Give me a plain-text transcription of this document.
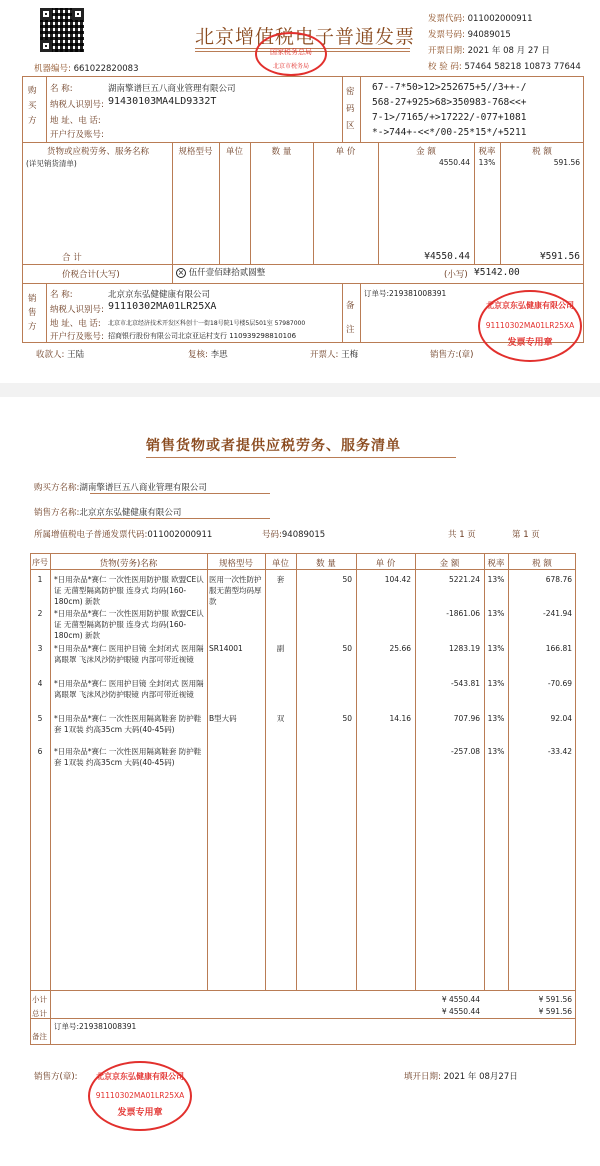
北京增值税电子普通发票
国家税务总局
北京市税务局
发票代码: 011002000911
发票号码: 94089015
开票日期: 2021 年 08 月 27 日
校 验 码: 57464 58218 10873 77644
机器编号: 661022820083
购买方
名 称:	湖南擎谱巨五八商业管理有限公司
纳税人识别号: 91430103MA4LD9332T
地 址、电 话:
开户行及账号:
密码区
67--7*50>12>252675+5//3++-/
568-27+925>68>350983-768<<+
7-1>/7165/+>17222/-077+1081
*->744+-<<*/00-25*15*/+5211
货物或应税劳务、服务名称	规格型号	单位	数 量	单 价	金 额	税率	税 额
(详见销货清单)	4550.44	13%	591.56
合 计	¥4550.44	¥591.56
价税合计(大写)	× 伍仟壹佰肆拾贰圆整	(小写) ¥5142.00
销售方
名 称:	北京京东弘健健康有限公司
纳税人识别号: 91110302MA01LR25XA
地 址、电 话: 北京市北京经济技术开发区科创十一街18号院1号楼5层501室 57987000
开户行及账号: 招商银行股份有限公司北京亚运村支行 110939298810106
备注
订单号:219381008391
收款人: 王陆	复核: 李思	开票人: 王梅	销售方:(章)
北京京东弘健康有限公司
91110302MA01LR25XA
发票专用章
销售货物或者提供应税劳务、服务清单
购买方名称:湖南擎谱巨五八商业管理有限公司
销售方名称:北京京东弘健健康有限公司
所属增值税电子普通发票代码:011002000911	号码:94089015	共 1 页	第 1 页
序号	货物(劳务)名称	规格型号	单位	数 量	单 价	金 额	税率	税 额
1	*日用杂品*赛仁 一次性医用防护服 欧盟CE认证 无菌型隔离防护服 连身式 均码(160-180cm) 新款
医用一次性防护服无菌型均码厚款
套	50	104.42	5221.24	13%	678.76
2	*日用杂品*赛仁 一次性医用防护服 欧盟CE认证 无菌型隔离防护服 连身式 均码(160-180cm) 新款
-1861.06	13%	-241.94
3	*日用杂品*赛仁 医用护目镜 全封闭式 医用隔离眼罩 飞沫风沙防护眼镜 内部可带近视镜
SR14001	副	50	25.66	1283.19	13%	166.81
4	*日用杂品*赛仁 医用护目镜 全封闭式 医用隔离眼罩 飞沫风沙防护眼镜 内部可带近视镜
-543.81	13%	-70.69
5	*日用杂品*赛仁 一次性医用隔离鞋套 防护鞋套 1双装 约高35cm 大码(40-45码)
B型大码	双	50	14.16	707.96	13%	92.04
6	*日用杂品*赛仁 一次性医用隔离鞋套 防护鞋套 1双装 约高35cm 大码(40-45码)
-257.08	13%	-33.42
小计	¥ 4550.44	¥ 591.56
总计	¥ 4550.44	¥ 591.56
订单号:219381008391
备注
销售方(章):	填开日期: 2021 年 08月27日
北京京东弘健康有限公司
91110302MA01LR25XA
发票专用章
